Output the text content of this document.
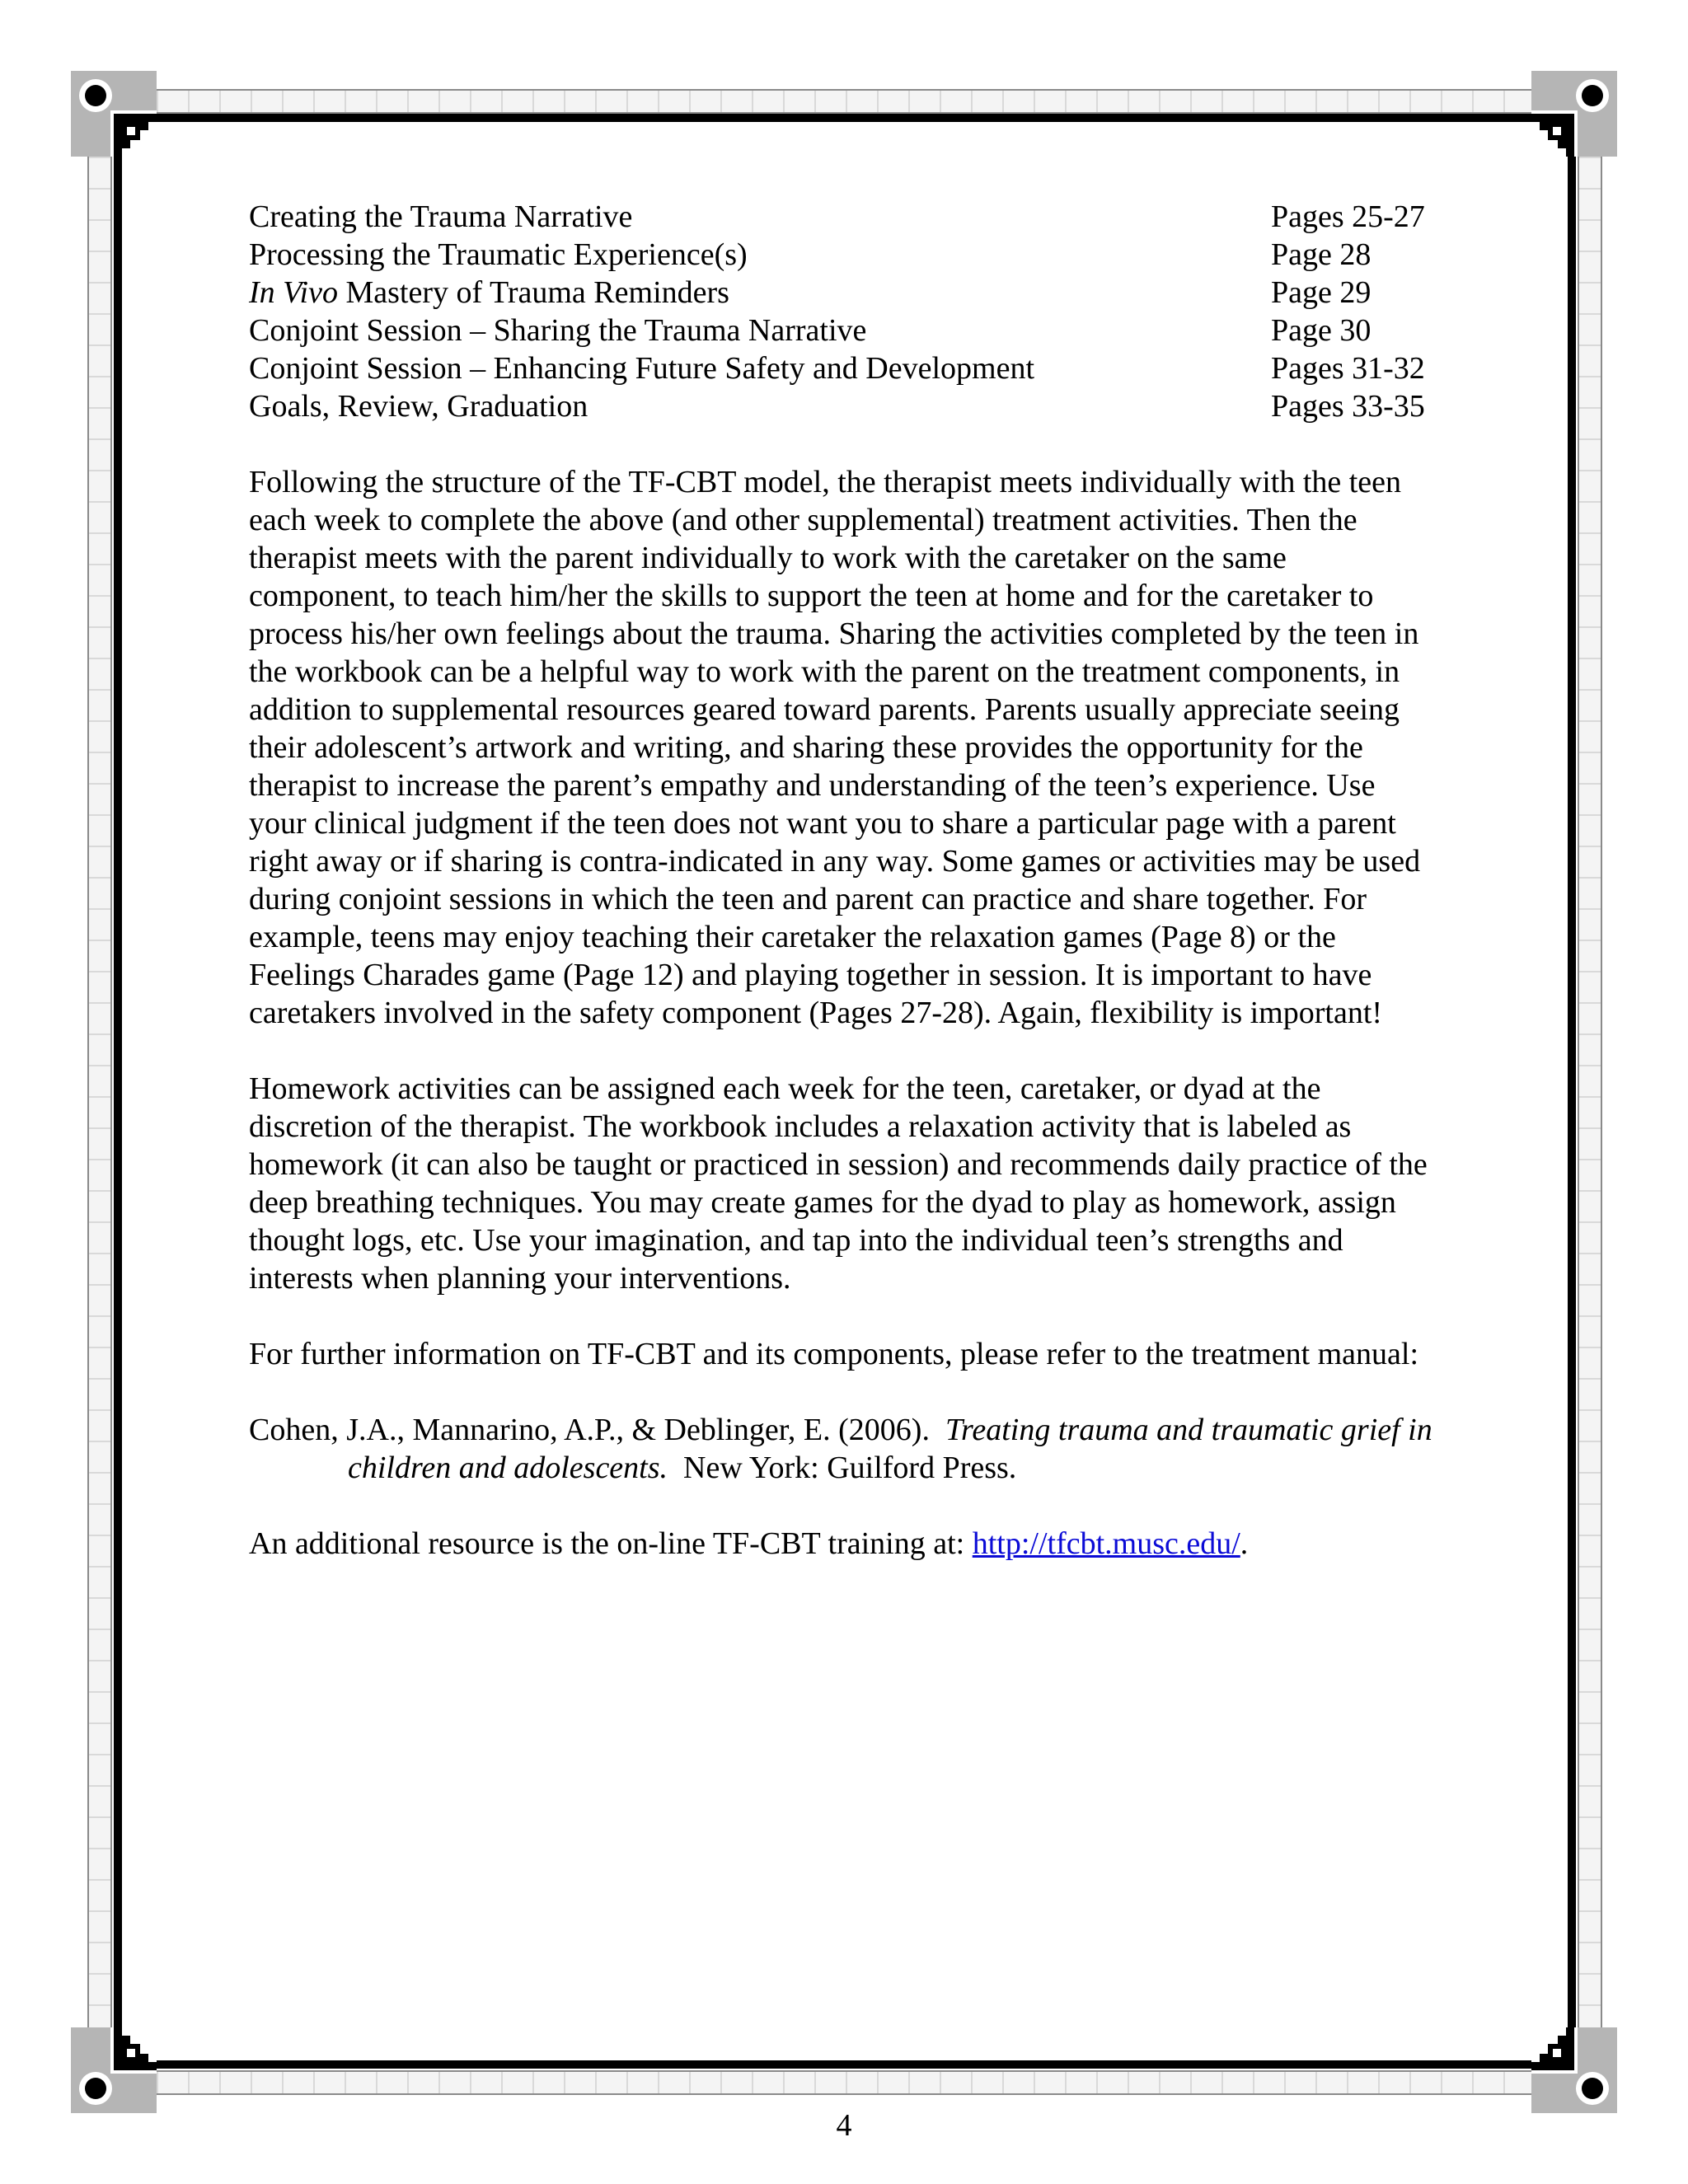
Creating the Trauma Narrative	Pages 25-27
Processing the Traumatic Experience(s)	Page 28
In Vivo Mastery of Trauma Reminders	Page 29
Conjoint Session – Sharing the Trauma Narrative	Page 30
Conjoint Session – Enhancing Future Safety and Development	Pages 31-32
Goals, Review, Graduation	Pages 33-35

Following the structure of the TF-CBT model, the therapist meets individually with the teen each week to complete the above (and other supplemental) treatment activities. Then the therapist meets with the parent individually to work with the caretaker on the same component, to teach him/her the skills to support the teen at home and for the caretaker to process his/her own feelings about the trauma. Sharing the activities completed by the teen in the workbook can be a helpful way to work with the parent on the treatment components, in addition to supplemental resources geared toward parents. Parents usually appreciate seeing their adolescent’s artwork and writing, and sharing these provides the opportunity for the therapist to increase the parent’s empathy and understanding of the teen’s experience. Use your clinical judgment if the teen does not want you to share a particular page with a parent right away or if sharing is contra-indicated in any way. Some games or activities may be used during conjoint sessions in which the teen and parent can practice and share together. For example, teens may enjoy teaching their caretaker the relaxation games (Page 8) or the Feelings Charades game (Page 12) and playing together in session. It is important to have caretakers involved in the safety component (Pages 27-28). Again, flexibility is important!

Homework activities can be assigned each week for the teen, caretaker, or dyad at the discretion of the therapist. The workbook includes a relaxation activity that is labeled as homework (it can also be taught or practiced in session) and recommends daily practice of the deep breathing techniques. You may create games for the dyad to play as homework, assign thought logs, etc. Use your imagination, and tap into the individual teen’s strengths and interests when planning your interventions.

For further information on TF-CBT and its components, please refer to the treatment manual:

Cohen, J.A., Mannarino, A.P., & Deblinger, E. (2006).  Treating trauma and traumatic grief in children and adolescents.  New York: Guilford Press.

An additional resource is the on-line TF-CBT training at: http://tfcbt.musc.edu/.

4
